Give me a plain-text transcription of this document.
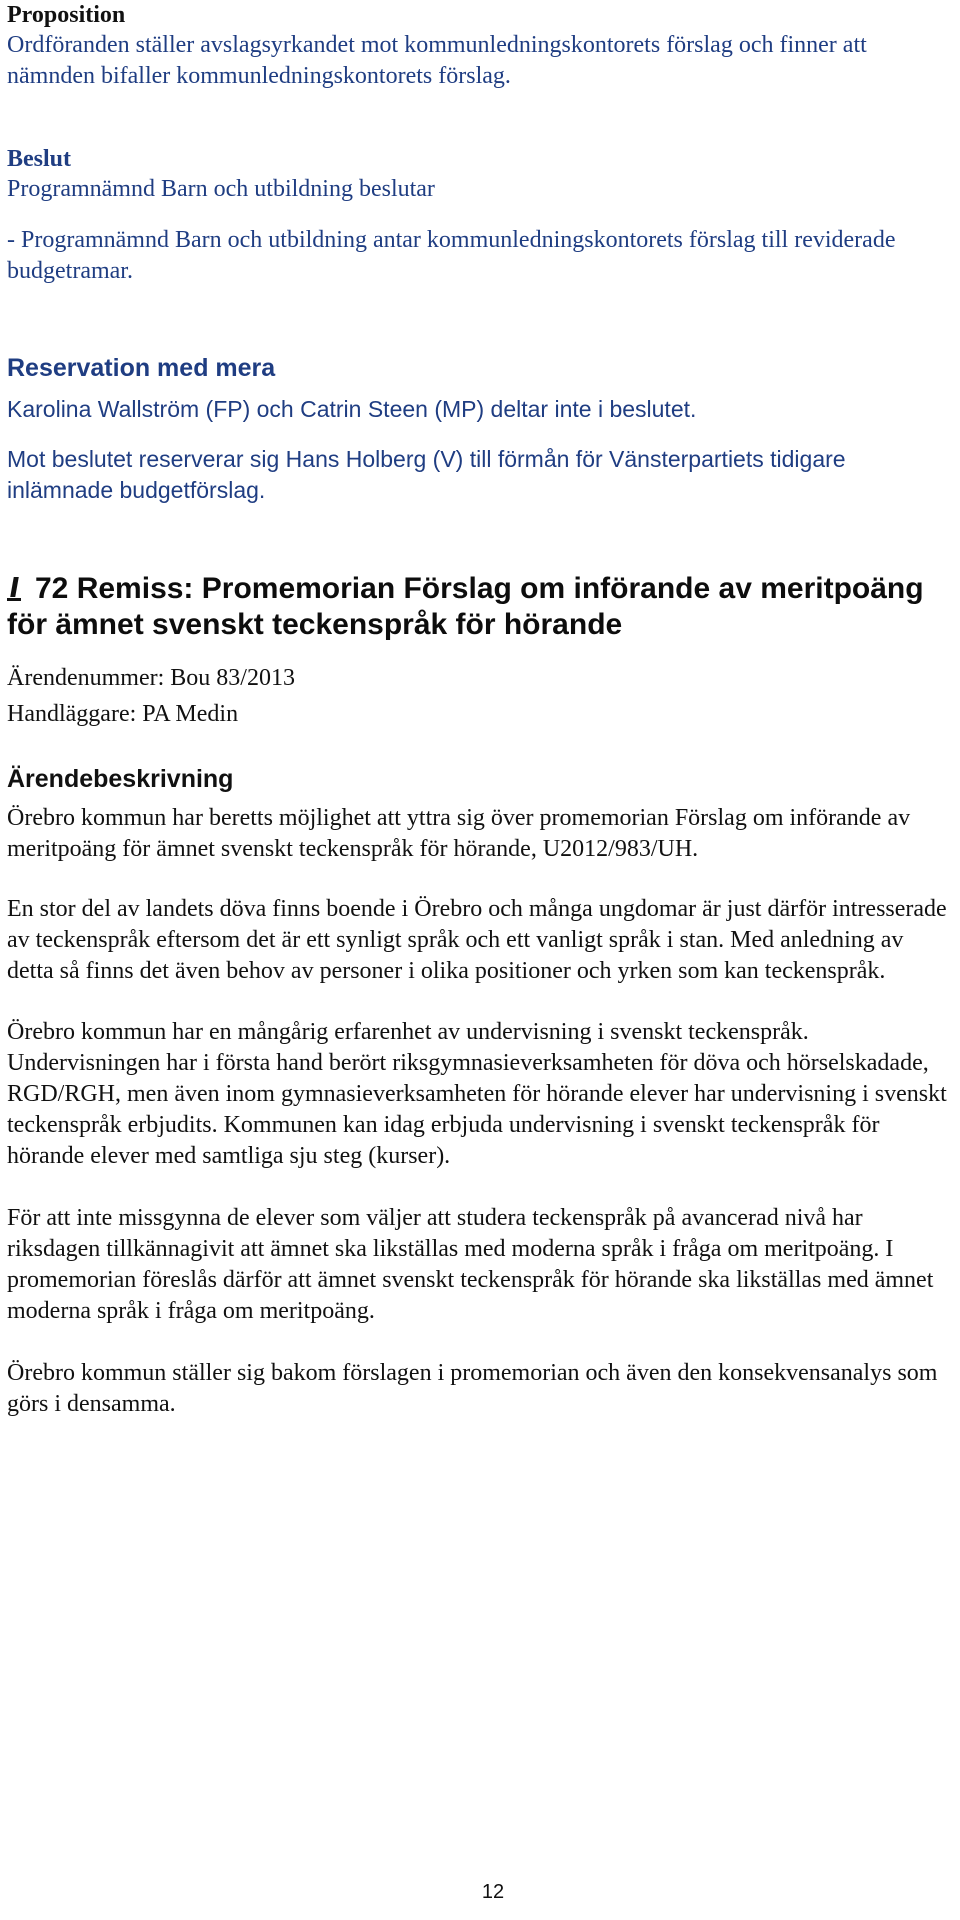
Proposition

Ordföranden ställer avslagsyrkandet mot kommunledningskontorets förslag och finner att nämnden bifaller kommunledningskontorets förslag.

Beslut

Programnämnd Barn och utbildning beslutar

- Programnämnd Barn och utbildning antar kommunledningskontorets förslag till reviderade budgetramar.

Reservation med mera

Karolina Wallström (FP) och Catrin Steen (MP) deltar inte i beslutet.

Mot beslutet reserverar sig Hans Holberg (V) till förmån för Vänsterpartiets tidigare inlämnade budgetförslag.

72 Remiss: Promemorian Förslag om införande av meritpoäng för ämnet svenskt teckenspråk för hörande

Ärendenummer: Bou 83/2013

Handläggare: PA Medin

Ärendebeskrivning

Örebro kommun har beretts möjlighet att yttra sig över promemorian Förslag om införande av meritpoäng för ämnet svenskt teckenspråk för hörande, U2012/983/UH.

En stor del av landets döva finns boende i Örebro och många ungdomar är just därför intresserade av teckenspråk eftersom det är ett synligt språk och ett vanligt språk i stan. Med anledning av detta så finns det även behov av personer i olika positioner och yrken som kan teckenspråk.

Örebro kommun har en mångårig erfarenhet av undervisning i svenskt teckenspråk. Undervisningen har i första hand berört riksgymnasieverksamheten för döva och hörselskadade, RGD/RGH, men även inom gymnasieverksamheten för hörande elever har undervisning i svenskt teckenspråk erbjudits. Kommunen kan idag erbjuda undervisning i svenskt teckenspråk för hörande elever med samtliga sju steg (kurser).

För att inte missgynna de elever som väljer att studera teckenspråk på avancerad nivå har riksdagen tillkännagivit att ämnet ska likställas med moderna språk i fråga om meritpoäng. I promemorian föreslås därför att ämnet svenskt teckenspråk för hörande ska likställas med ämnet moderna språk i fråga om meritpoäng.

Örebro kommun ställer sig bakom förslagen i promemorian och även den konsekvensanalys som görs i densamma.

12
